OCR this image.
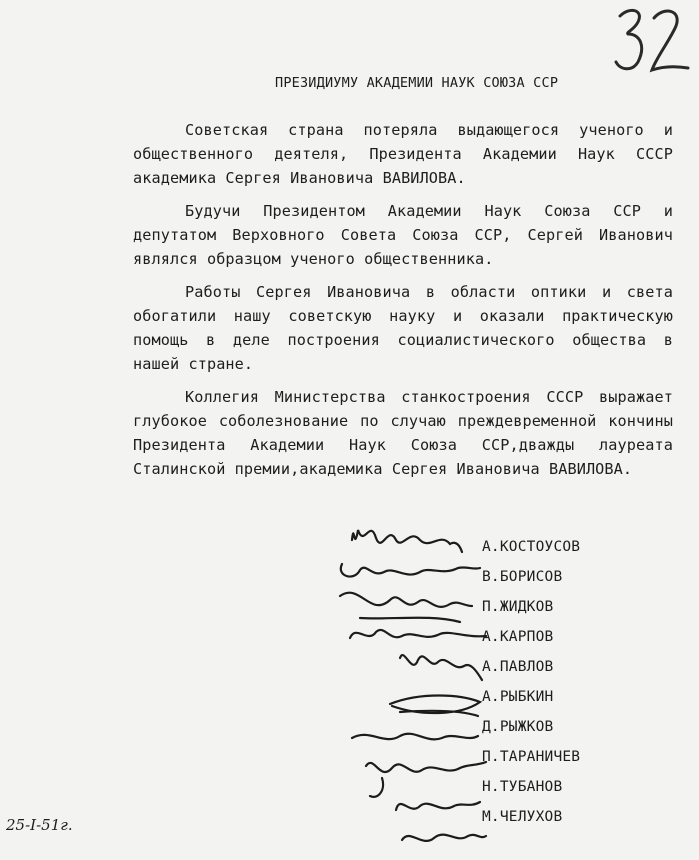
ПРЕЗИДИУМУ АКАДЕМИИ НАУК СОЮЗА ССР

Советская страна потеряла выдающегося ученого и общественного деятеля, Президента Академии Наук СССР академика Сергея Ивановича ВАВИЛОВА.

Будучи Президентом Академии Наук Союза ССР и депутатом Верховного Совета Союза ССР, Сергей Иванович являлся образцом ученого общественника.

Работы Сергея Ивановича в области оптики и света обогатили нашу советскую науку и оказали практическую помощь в деле построения социалистического общества в нашей стране.

Коллегия Министерства станкостроения СССР выражает глубокое соболезнование по случаю преждевременной кончины Президента Академии Наук Союза ССР,дважды лауреата Сталинской премии,академика Сергея Ивановича ВАВИЛОВА.

А.КОСТОУСОВ
В.БОРИСОВ
П.ЖИДКОВ
А.КАРПОВ
А.ПАВЛОВ
А.РЫБКИН
Д.РЫЖКОВ
П.ТАРАНИЧЕВ
Н.ТУБАНОВ
М.ЧЕЛУХОВ
25-I-51г.
